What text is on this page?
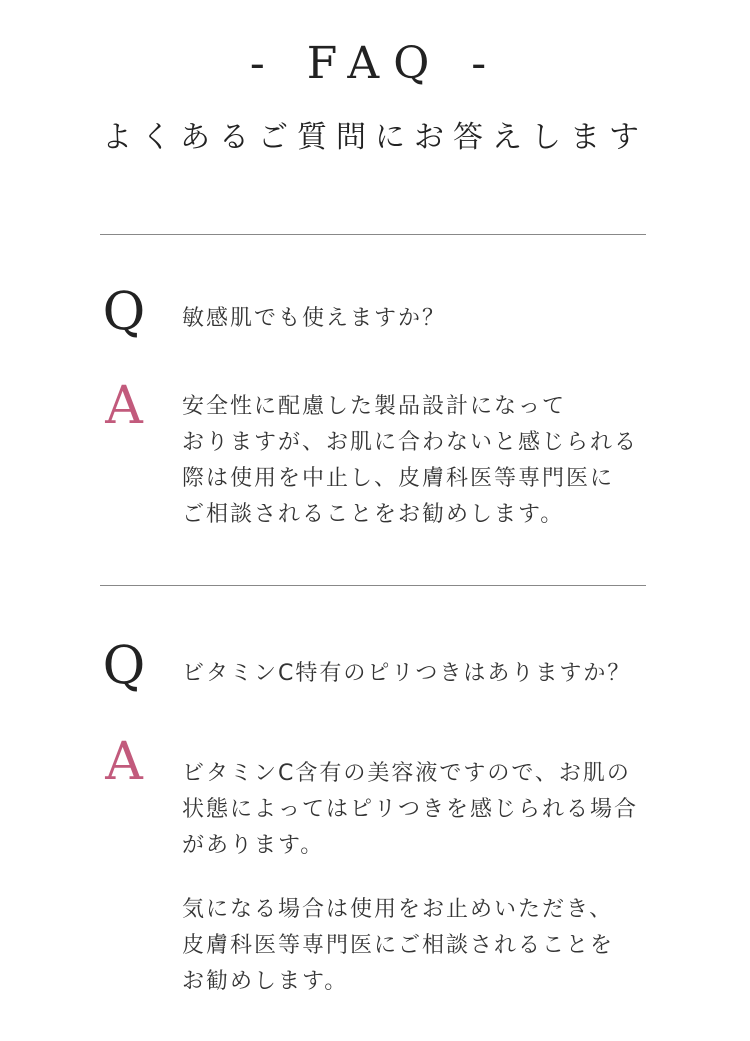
- FAQ -
よくあるご質問にお答えします
Q	敏感肌でも使えますか？
A	安全性に配慮した製品設計になって
おりますが、お肌に合わないと感じられる
際は使用を中止し、皮膚科医等専門医に
ご相談されることをお勧めします。
Q	ビタミンC特有のピリつきはありますか？
A	ビタミンC含有の美容液ですので、お肌の
状態によってはピリつきを感じられる場合
があります。
気になる場合は使用をお止めいただき、
皮膚科医等専門医にご相談されることを
お勧めします。
